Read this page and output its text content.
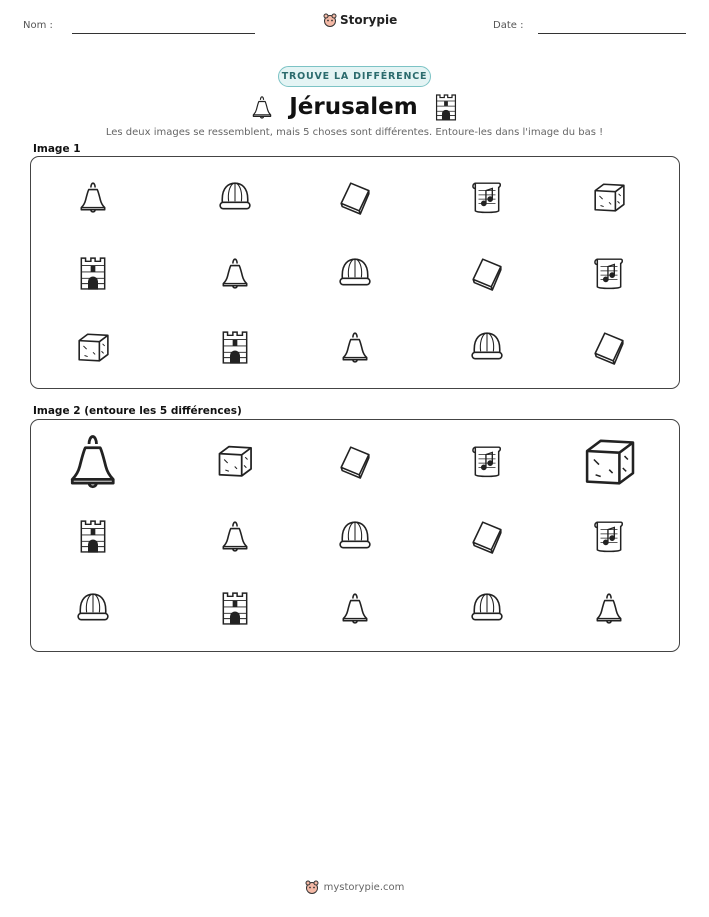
Nom :	Storypie	Date :
TROUVE LA DIFFÉRENCE
Jérusalem
Les deux images se ressemblent, mais 5 choses sont différentes. Entoure-les dans l'image du bas !
Image 1
Image 2 (entoure les 5 différences)
mystorypie.com
